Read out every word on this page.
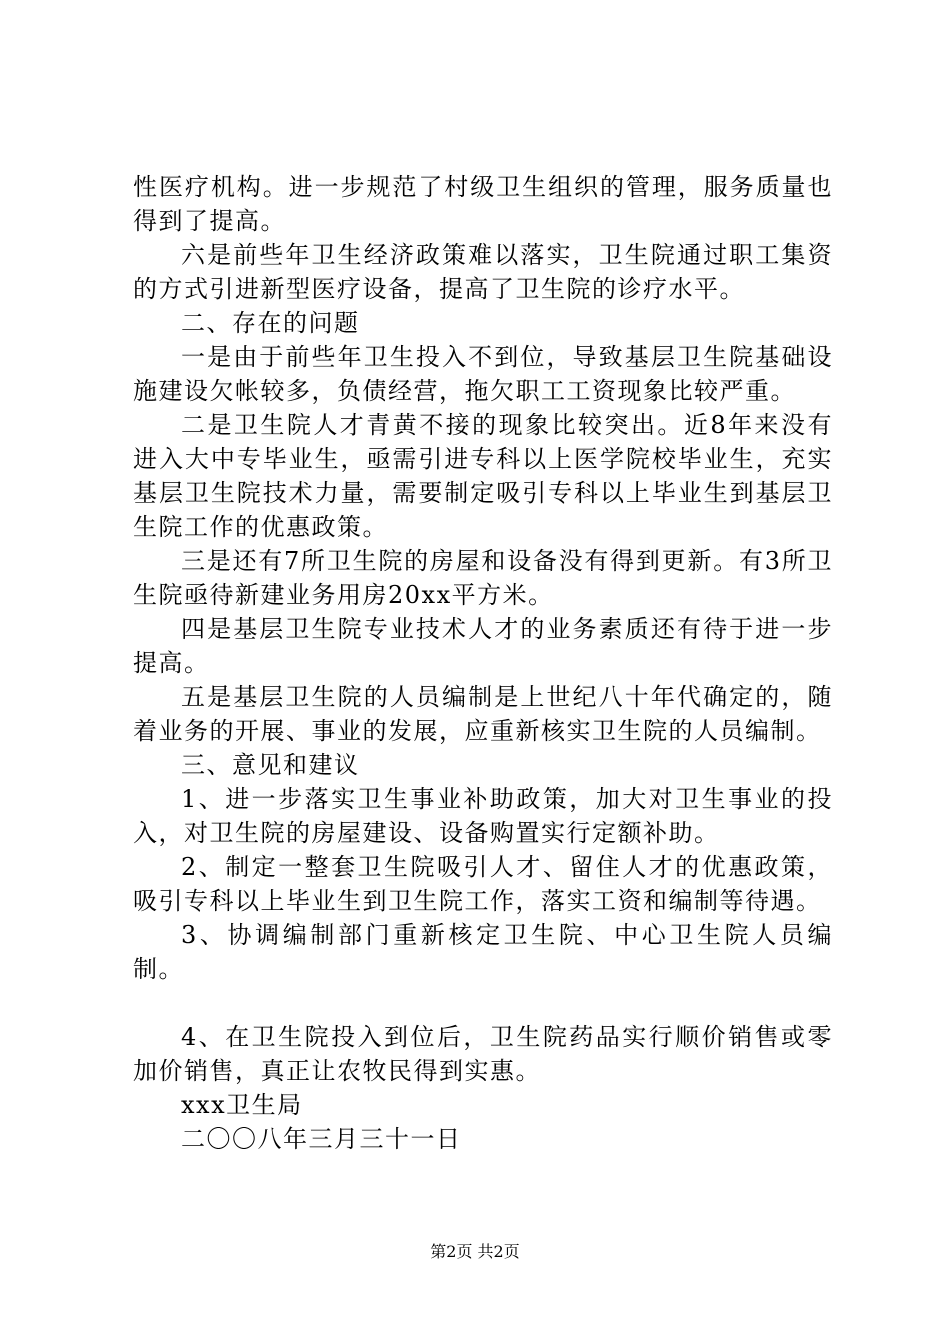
性医疗机构。进一步规范了村级卫生组织的管理，服务质量也得到了提高。

六是前些年卫生经济政策难以落实，卫生院通过职工集资的方式引进新型医疗设备，提高了卫生院的诊疗水平。

二、存在的问题

一是由于前些年卫生投入不到位，导致基层卫生院基础设施建设欠帐较多，负债经营，拖欠职工工资现象比较严重。

二是卫生院人才青黄不接的现象比较突出。近8年来没有进入大中专毕业生，亟需引进专科以上医学院校毕业生，充实基层卫生院技术力量，需要制定吸引专科以上毕业生到基层卫生院工作的优惠政策。

三是还有7所卫生院的房屋和设备没有得到更新。有3所卫生院亟待新建业务用房20xx平方米。

四是基层卫生院专业技术人才的业务素质还有待于进一步提高。

五是基层卫生院的人员编制是上世纪八十年代确定的，随着业务的开展、事业的发展，应重新核实卫生院的人员编制。

三、意见和建议

1、进一步落实卫生事业补助政策，加大对卫生事业的投入，对卫生院的房屋建设、设备购置实行定额补助。

2、制定一整套卫生院吸引人才、留住人才的优惠政策，吸引专科以上毕业生到卫生院工作，落实工资和编制等待遇。

3、协调编制部门重新核定卫生院、中心卫生院人员编制。

4、在卫生院投入到位后，卫生院药品实行顺价销售或零加价销售，真正让农牧民得到实惠。

xxx卫生局

二〇〇八年三月三十一日

第2页 共2页
